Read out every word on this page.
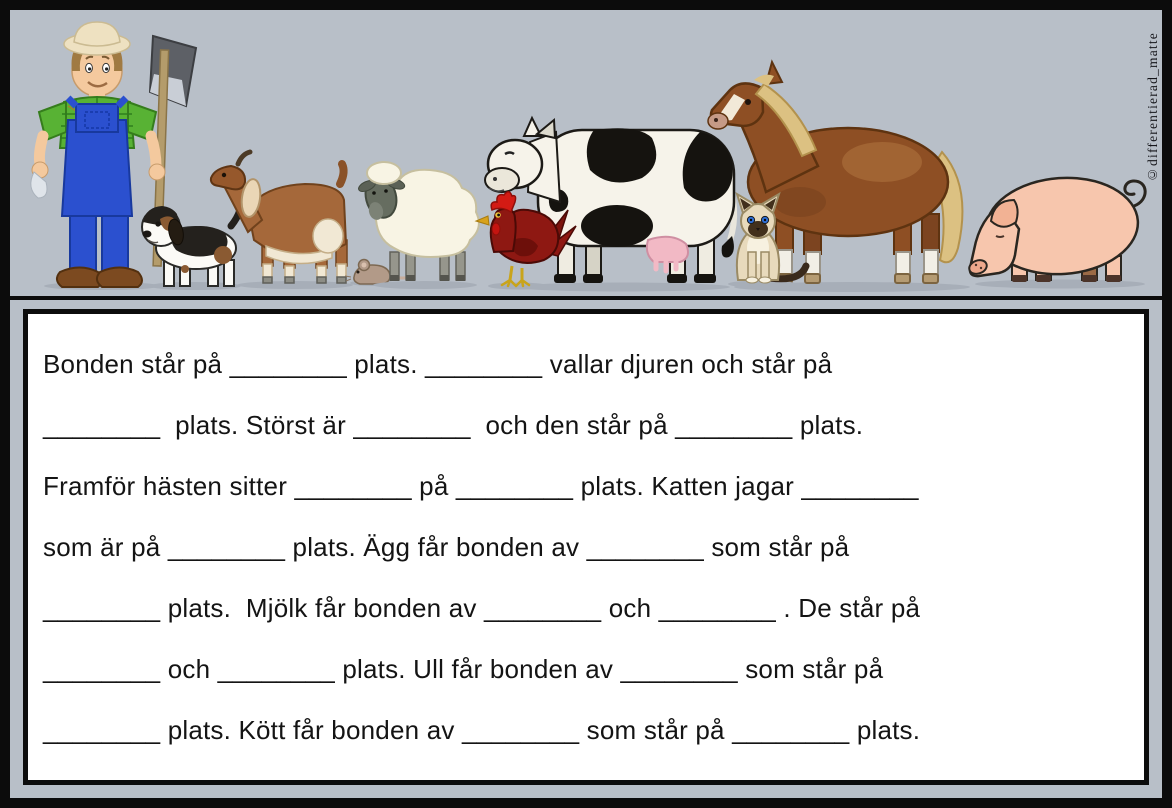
©differentierad_matte
Bonden står på ________ plats. ________ vallar djuren och står på
________  plats. Störst är ________  och den står på ________ plats.
Framför hästen sitter ________ på ________ plats. Katten jagar ________
som är på ________ plats. Ägg får bonden av ________ som står på
________ plats.  Mjölk får bonden av ________ och ________ . De står på
________ och ________ plats. Ull får bonden av ________ som står på
________ plats. Kött får bonden av ________ som står på ________ plats.
